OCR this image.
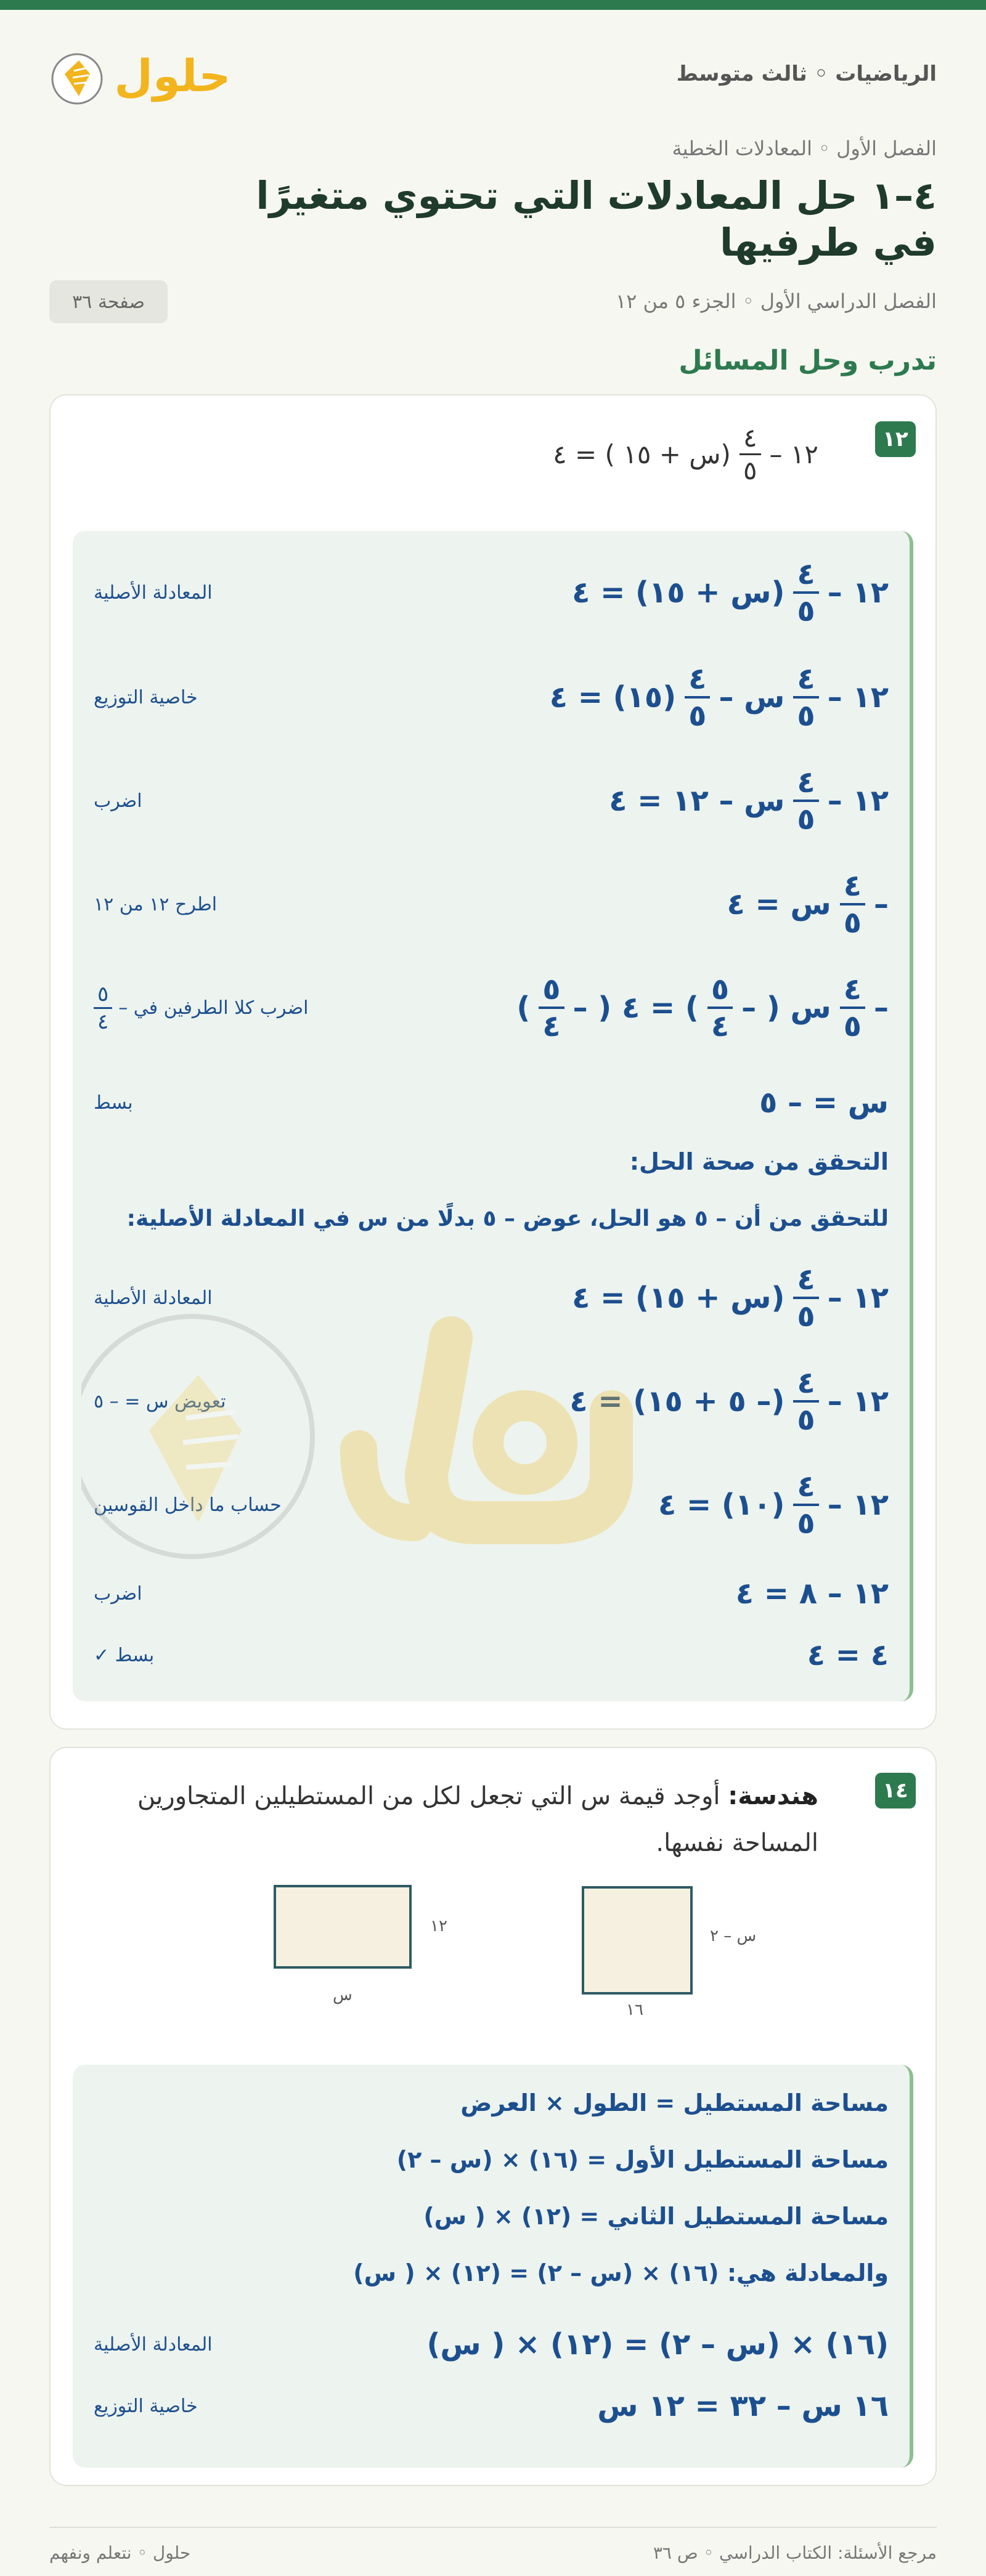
الرياضيات ◦ ثالث متوسط
حلول
الفصل الأول ◦ المعادلات الخطية
٤–١ حل المعادلات التي تحتوي متغيرًا في طرفيها
الفصل الدراسي الأول ◦ الجزء ٥ من ١٢
صفحة ٣٦
تدرب وحل المسائل
١٢
١٢ –
$\frac{٤}{٥}$
(س + ١٥ ) = ٤
١٢ –
$\frac{٤}{٥}$
(س + ١٥) = ٤
المعادلة الأصلية
١٢ –
$\frac{٤}{٥}$
س –
$\frac{٤}{٥}$
(١٥) = ٤
خاصية التوزيع
١٢ –
$\frac{٤}{٥}$
س – ١٢ = ٤
اضرب
–
$\frac{٤}{٥}$
س = ٤
اطرح ١٢ من ١٢
–
$\frac{٤}{٥}$
س ( –
$\frac{٥}{٤}$
) = ٤ ( –
$\frac{٥}{٤}$
)
اضرب كلا الطرفين في –
$\frac{٥}{٤}$
س = – ٥
بسط
التحقق من صحة الحل:
للتحقق من أن – ٥ هو الحل، عوض – ٥ بدلًا من س في المعادلة الأصلية:
١٢ –
$\frac{٤}{٥}$
(س + ١٥) = ٤
المعادلة الأصلية
١٢ –
$\frac{٤}{٥}$
(– ٥ + ١٥) = ٤
تعويض س = – ٥
١٢ –
$\frac{٤}{٥}$
(١٠) = ٤
حساب ما داخل القوسين
١٢ – ٨ = ٤
اضرب
٤ = ٤
بسط ✓
١٤
هندسة: أوجد قيمة س التي تجعل لكل من المستطيلين المتجاورين المساحة نفسها.
س – ٢
١٦
١٢
س
مساحة المستطيل = الطول × العرض
مساحة المستطيل الأول = (١٦) × (س – ٢)
مساحة المستطيل الثاني = (١٢) × ( س)
والمعادلة هي: (١٦) × (س – ٢) = (١٢) × ( س)
(١٦) × (س – ٢) = (١٢) × ( س)
المعادلة الأصلية
١٦ س – ٣٢ = ١٢ س
خاصية التوزيع
مرجع الأسئلة: الكتاب الدراسي ◦ ص ٣٦
حلول ◦ نتعلم ونفهم
